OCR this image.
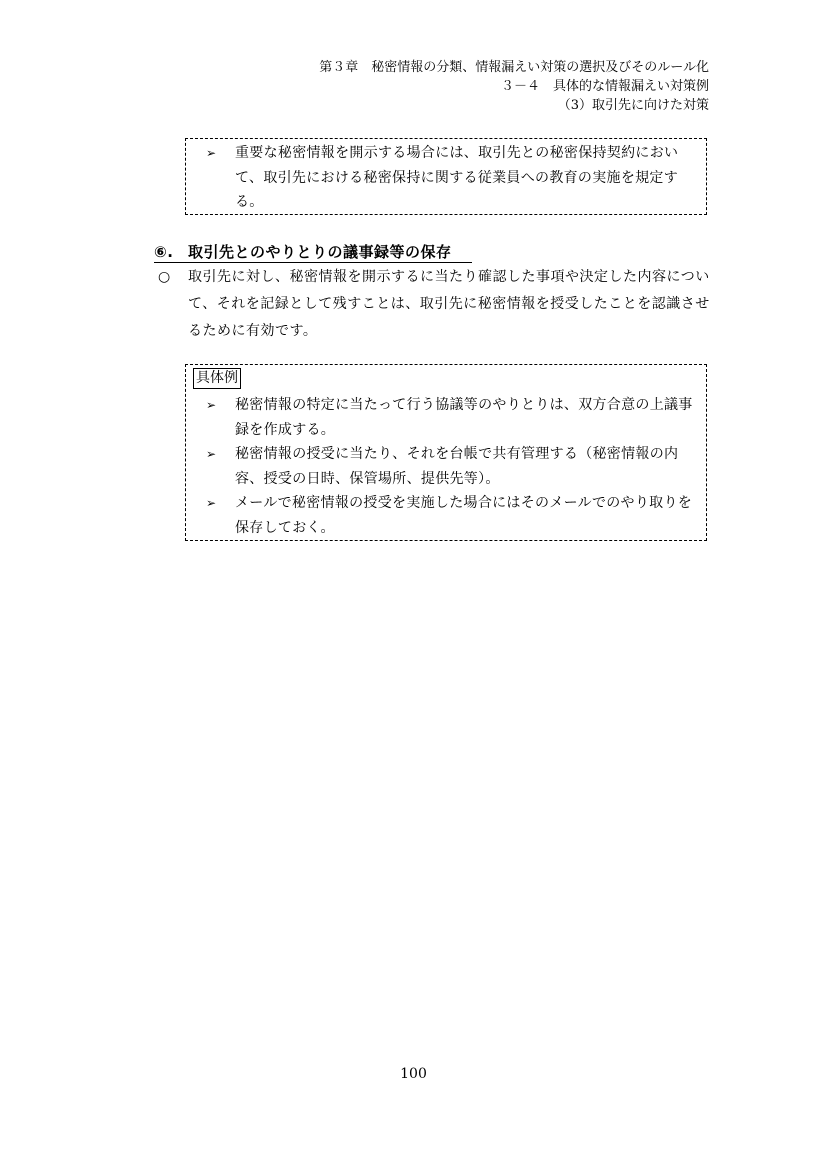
第３章　秘密情報の分類、情報漏えい対策の選択及びそのルール化
３－４　具体的な情報漏えい対策例
（3）取引先に向けた対策
➢ 重要な秘密情報を開示する場合には、取引先との秘密保持契約において、取引先における秘密保持に関する従業員への教育の実施を規定する。
⑥. 取引先とのやりとりの議事録等の保存
○ 取引先に対し、秘密情報を開示するに当たり確認した事項や決定した内容について、それを記録として残すことは、取引先に秘密情報を授受したことを認識させるために有効です。
具体例
➢ 秘密情報の特定に当たって行う協議等のやりとりは、双方合意の上議事録を作成する。
➢ 秘密情報の授受に当たり、それを台帳で共有管理する（秘密情報の内容、授受の日時、保管場所、提供先等）。
➢ メールで秘密情報の授受を実施した場合にはそのメールでのやり取りを保存しておく。
100
